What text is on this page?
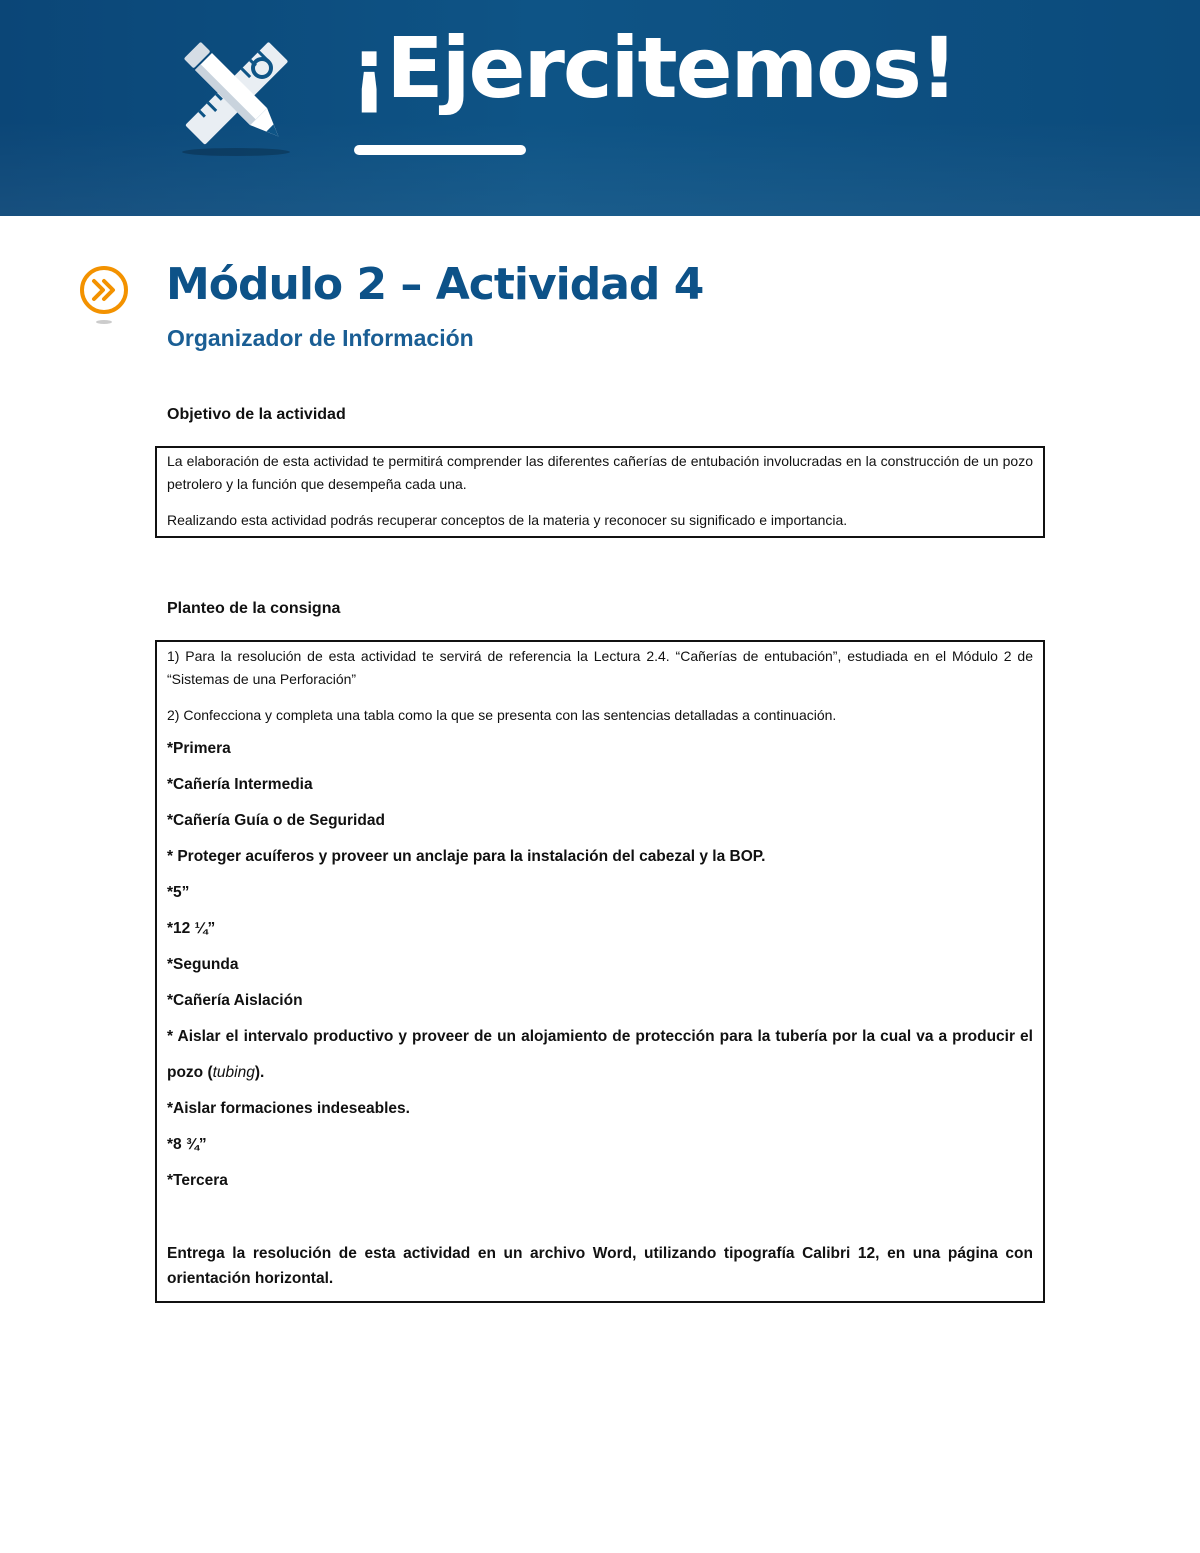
¡Ejercitemos!
Módulo 2 – Actividad 4
Organizador de Información
Objetivo de la actividad

La elaboración de esta actividad te permitirá comprender las diferentes cañerías de entubación involucradas en la construcción de un pozo petrolero y la función que desempeña cada una.

Realizando esta actividad podrás recuperar conceptos de la materia y reconocer su significado e importancia.

Planteo de la consigna

1) Para la resolución de esta actividad te servirá de referencia la Lectura 2.4. “Cañerías de entubación”, estudiada en el Módulo 2 de “Sistemas de una Perforación”

2) Confecciona y completa una tabla como la que se presenta con las sentencias detalladas a continuación.

*Primera

*Cañería Intermedia

*Cañería Guía o de Seguridad

* Proteger acuíferos y proveer un anclaje para la instalación del cabezal y la BOP.

*5”

*12 ¼”

*Segunda

*Cañería Aislación

* Aislar el intervalo productivo y proveer de un alojamiento de protección para la tubería por la cual va a producir el pozo (tubing).

*Aislar formaciones indeseables.

*8 ¾”

*Tercera

Entrega la resolución de esta actividad en un archivo Word, utilizando tipografía Calibri 12, en una página con orientación horizontal.
